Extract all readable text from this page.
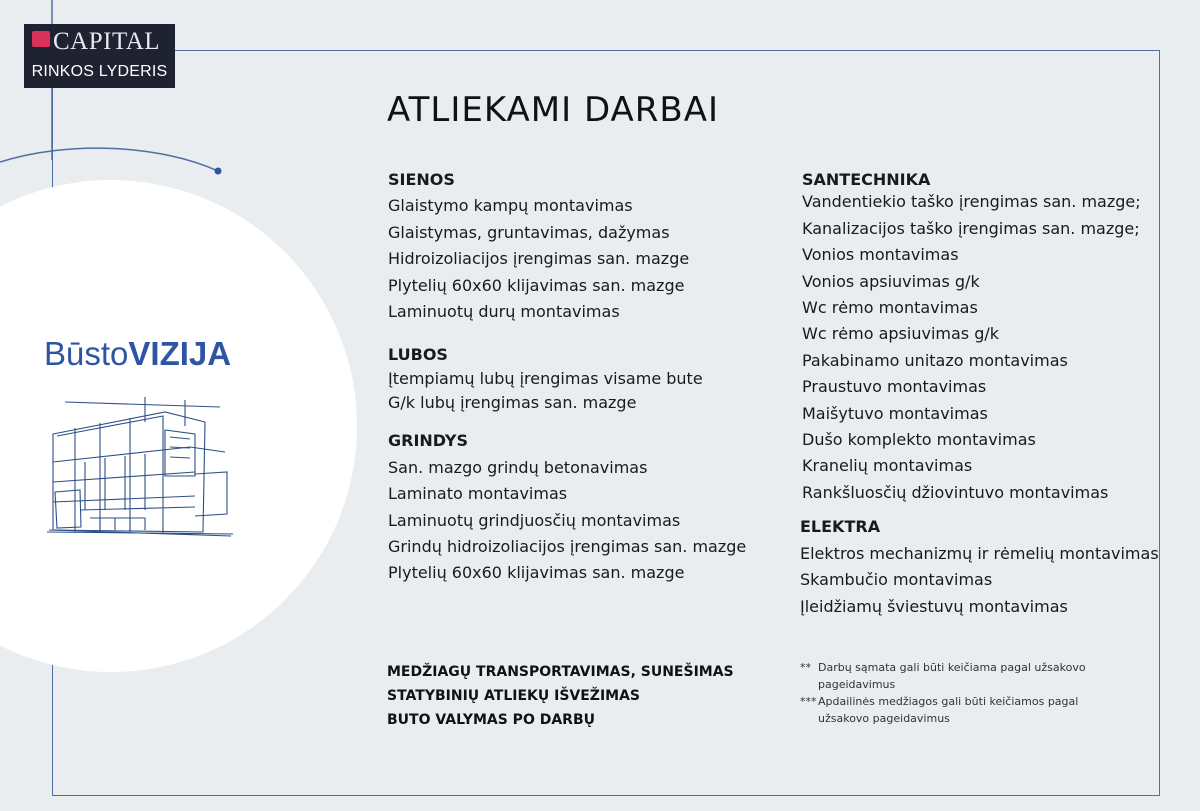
CAPITAL
RINKOS LYDERIS
BūstoVIZIJA
ATLIEKAMI DARBAI
SIENOS
Glaistymo kampų montavimas
Glaistymas, gruntavimas, dažymas
Hidroizoliacijos įrengimas san. mazge
Plytelių 60x60 klijavimas san. mazge
Laminuotų durų montavimas
LUBOS
Įtempiamų lubų įrengimas visame bute
G/k lubų įrengimas san. mazge
GRINDYS
San. mazgo grindų betonavimas
Laminato montavimas
Laminuotų grindjuosčių montavimas
Grindų hidroizoliacijos įrengimas san. mazge
Plytelių 60x60 klijavimas san. mazge
SANTECHNIKA
Vandentiekio taško įrengimas san. mazge;
Kanalizacijos taško įrengimas san. mazge;
Vonios montavimas
Vonios apsiuvimas g/k
Wc rėmo montavimas
Wc rėmo apsiuvimas g/k
Pakabinamo unitazo montavimas
Praustuvo montavimas
Maišytuvo montavimas
Dušo komplekto montavimas
Kranelių montavimas
Rankšluosčių džiovintuvo montavimas
ELEKTRA
Elektros mechanizmų ir rėmelių montavimas
Skambučio montavimas
Įleidžiamų šviestuvų montavimas
MEDŽIAGŲ TRANSPORTAVIMAS, SUNEŠIMAS
STATYBINIŲ ATLIEKŲ IŠVEŽIMAS
BUTO VALYMAS PO DARBŲ
** Darbų sąmata gali būti keičiama pagal užsakovo pageidavimus
*** Apdailinės medžiagos gali būti keičiamos pagal užsakovo pageidavimus
